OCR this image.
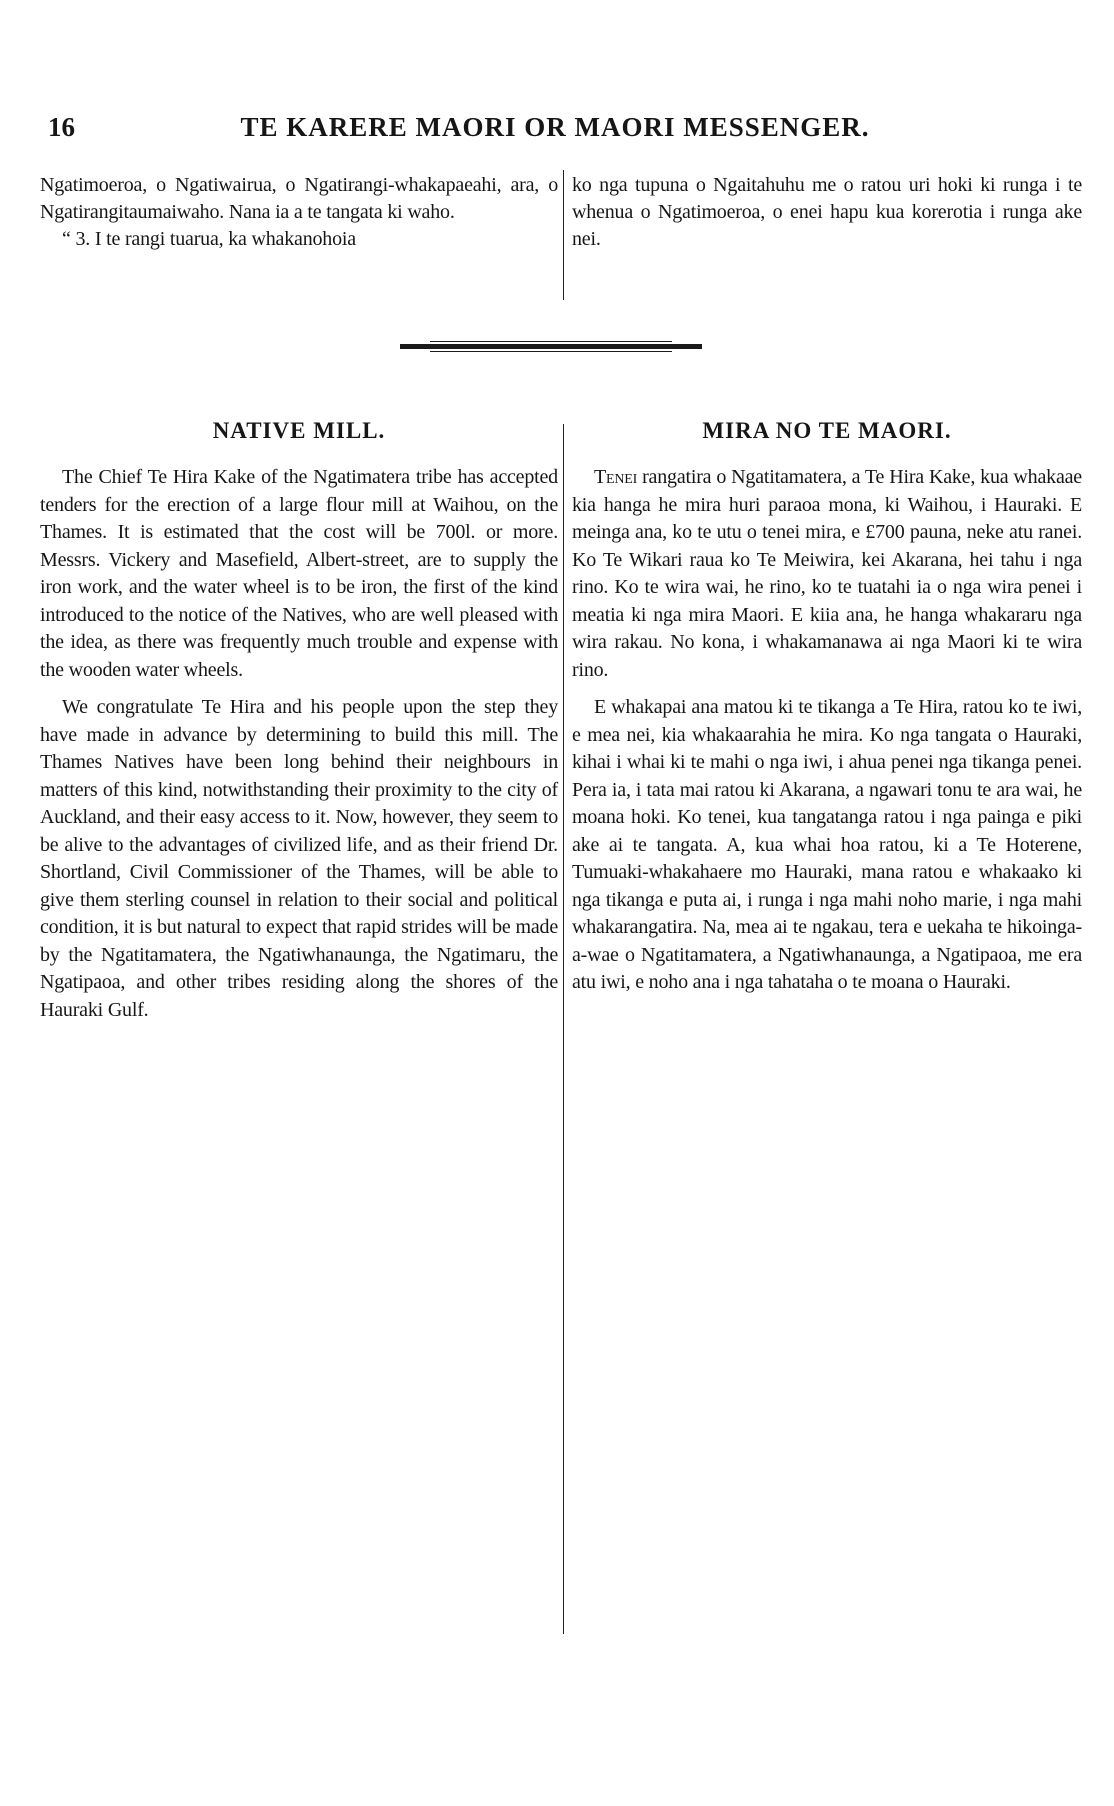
16	TE KARERE MAORI OR MAORI MESSENGER.

Ngatimoeroa, o Ngatiwairua, o Ngatirangi-whakapaeahi, ara, o Ngatirangitaumaiwaho. Nana ia a te tangata ki waho.

“ 3. I te rangi tuarua, ka whakanohoia

ko nga tupuna o Ngaitahuhu me o ratou uri hoki ki runga i te whenua o Ngatimoeroa, o enei hapu kua korerotia i runga ake nei.

NATIVE MILL.	MIRA NO TE MAORI.

The Chief Te Hira Kake of the Ngatimatera tribe has accepted tenders for the erection of a large flour mill at Waihou, on the Thames. It is estimated that the cost will be 700l. or more. Messrs. Vickery and Masefield, Albert-street, are to supply the iron work, and the water wheel is to be iron, the first of the kind introduced to the notice of the Natives, who are well pleased with the idea, as there was frequently much trouble and expense with the wooden water wheels.

We congratulate Te Hira and his people upon the step they have made in advance by determining to build this mill. The Thames Natives have been long behind their neighbours in matters of this kind, notwithstanding their proximity to the city of Auckland, and their easy access to it. Now, however, they seem to be alive to the advantages of civilized life, and as their friend Dr. Shortland, Civil Commissioner of the Thames, will be able to give them sterling counsel in relation to their social and political condition, it is but natural to expect that rapid strides will be made by the Ngatitamatera, the Ngatiwhanaunga, the Ngatimaru, the Ngatipaoa, and other tribes residing along the shores of the Hauraki Gulf.

Tenei rangatira o Ngatitamatera, a Te Hira Kake, kua whakaae kia hanga he mira huri paraoa mona, ki Waihou, i Hauraki. E meinga ana, ko te utu o tenei mira, e £700 pauna, neke atu ranei. Ko Te Wikari raua ko Te Meiwira, kei Akarana, hei tahu i nga rino. Ko te wira wai, he rino, ko te tuatahi ia o nga wira penei i meatia ki nga mira Maori. E kiia ana, he hanga whakararu nga wira rakau. No kona, i whakamanawa ai nga Maori ki te wira rino.

E whakapai ana matou ki te tikanga a Te Hira, ratou ko te iwi, e mea nei, kia whakaarahia he mira. Ko nga tangata o Hauraki, kihai i whai ki te mahi o nga iwi, i ahua penei nga tikanga penei. Pera ia, i tata mai ratou ki Akarana, a ngawari tonu te ara wai, he moana hoki. Ko tenei, kua tangatanga ratou i nga painga e piki ake ai te tangata. A, kua whai hoa ratou, ki a Te Hoterene, Tumuaki-whakahaere mo Hauraki, mana ratou e whakaako ki nga tikanga e puta ai, i runga i nga mahi noho marie, i nga mahi whakarangatira. Na, mea ai te ngakau, tera e uekaha te hikoinga-a-wae o Ngatitamatera, a Ngatiwhanaunga, a Ngatipaoa, me era atu iwi, e noho ana i nga tahataha o te moana o Hauraki.
